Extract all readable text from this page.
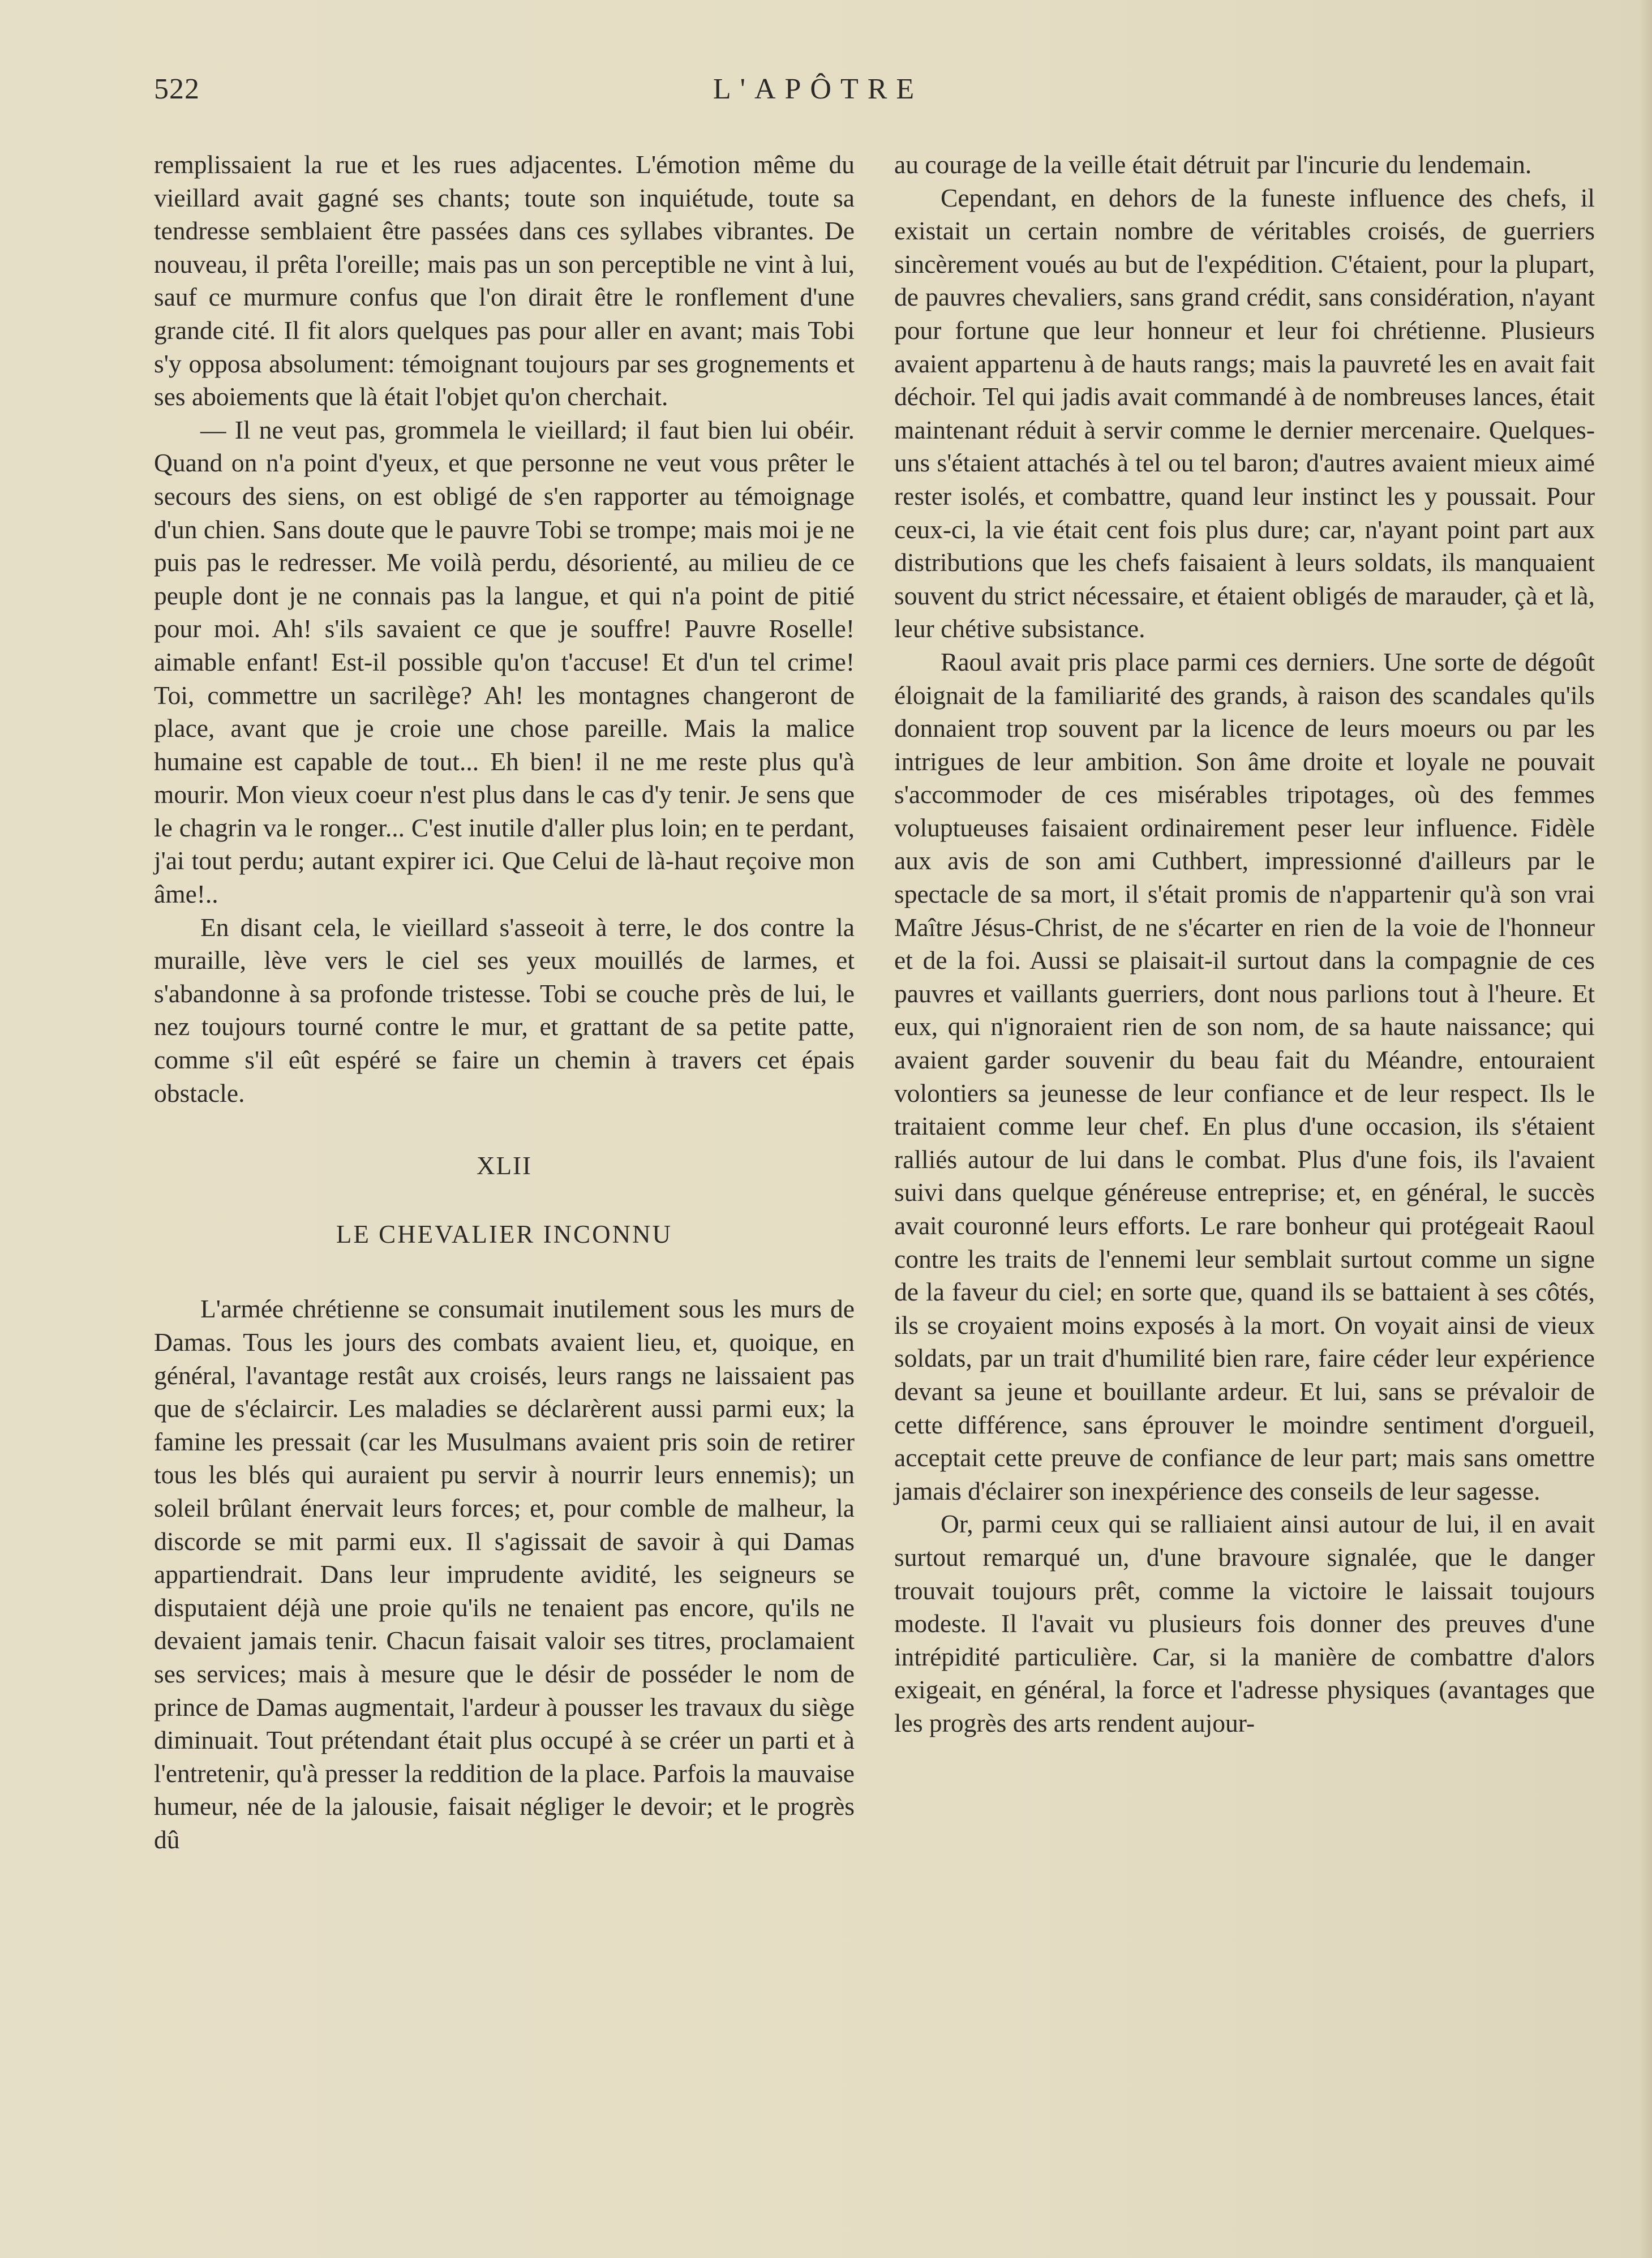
522	L'APÔTRE

remplissaient la rue et les rues adjacentes. L'émotion même du vieillard avait gagné ses chants; toute son inquiétude, toute sa tendresse semblaient être passées dans ces syllabes vibrantes. De nouveau, il prêta l'oreille; mais pas un son perceptible ne vint à lui, sauf ce murmure confus que l'on dirait être le ronflement d'une grande cité. Il fit alors quelques pas pour aller en avant; mais Tobi s'y opposa absolument: témoignant toujours par ses grognements et ses aboiements que là était l'objet qu'on cherchait.

— Il ne veut pas, grommela le vieillard; il faut bien lui obéir. Quand on n'a point d'yeux, et que personne ne veut vous prêter le secours des siens, on est obligé de s'en rapporter au témoignage d'un chien. Sans doute que le pauvre Tobi se trompe; mais moi je ne puis pas le redresser. Me voilà perdu, désorienté, au milieu de ce peuple dont je ne connais pas la langue, et qui n'a point de pitié pour moi. Ah! s'ils savaient ce que je souffre! Pauvre Roselle! aimable enfant! Est-il possible qu'on t'accuse! Et d'un tel crime! Toi, commettre un sacrilège? Ah! les montagnes changeront de place, avant que je croie une chose pareille. Mais la malice humaine est capable de tout... Eh bien! il ne me reste plus qu'à mourir. Mon vieux coeur n'est plus dans le cas d'y tenir. Je sens que le chagrin va le ronger... C'est inutile d'aller plus loin; en te perdant, j'ai tout perdu; autant expirer ici. Que Celui de là-haut reçoive mon âme!..

En disant cela, le vieillard s'asseoit à terre, le dos contre la muraille, lève vers le ciel ses yeux mouillés de larmes, et s'abandonne à sa profonde tristesse. Tobi se couche près de lui, le nez toujours tourné contre le mur, et grattant de sa petite patte, comme s'il eût espéré se faire un chemin à travers cet épais obstacle.

XLII
LE CHEVALIER INCONNU

L'armée chrétienne se consumait inutilement sous les murs de Damas. Tous les jours des combats avaient lieu, et, quoique, en général, l'avantage restât aux croisés, leurs rangs ne laissaient pas que de s'éclaircir. Les maladies se déclarèrent aussi parmi eux; la famine les pressait (car les Musulmans avaient pris soin de retirer tous les blés qui auraient pu servir à nourrir leurs ennemis); un soleil brûlant énervait leurs forces; et, pour comble de malheur, la discorde se mit parmi eux. Il s'agissait de savoir à qui Damas appartiendrait. Dans leur imprudente avidité, les seigneurs se disputaient déjà une proie qu'ils ne tenaient pas encore, qu'ils ne devaient jamais tenir. Chacun faisait valoir ses titres, proclamaient ses services; mais à mesure que le désir de posséder le nom de prince de Damas augmentait, l'ardeur à pousser les travaux du siège diminuait. Tout prétendant était plus occupé à se créer un parti et à l'entretenir, qu'à presser la reddition de la place. Parfois la mauvaise humeur, née de la jalousie, faisait négliger le devoir; et le progrès dû

au courage de la veille était détruit par l'incurie du lendemain.

Cependant, en dehors de la funeste influence des chefs, il existait un certain nombre de véritables croisés, de guerriers sincèrement voués au but de l'expédition. C'étaient, pour la plupart, de pauvres chevaliers, sans grand crédit, sans considération, n'ayant pour fortune que leur honneur et leur foi chrétienne. Plusieurs avaient appartenu à de hauts rangs; mais la pauvreté les en avait fait déchoir. Tel qui jadis avait commandé à de nombreuses lances, était maintenant réduit à servir comme le dernier mercenaire. Quelques-uns s'étaient attachés à tel ou tel baron; d'autres avaient mieux aimé rester isolés, et combattre, quand leur instinct les y poussait. Pour ceux-ci, la vie était cent fois plus dure; car, n'ayant point part aux distributions que les chefs faisaient à leurs soldats, ils manquaient souvent du strict nécessaire, et étaient obligés de marauder, çà et là, leur chétive subsistance.

Raoul avait pris place parmi ces derniers. Une sorte de dégoût éloignait de la familiarité des grands, à raison des scandales qu'ils donnaient trop souvent par la licence de leurs moeurs ou par les intrigues de leur ambition. Son âme droite et loyale ne pouvait s'accommoder de ces misérables tripotages, où des femmes voluptueuses faisaient ordinairement peser leur influence. Fidèle aux avis de son ami Cuthbert, impressionné d'ailleurs par le spectacle de sa mort, il s'était promis de n'appartenir qu'à son vrai Maître Jésus-Christ, de ne s'écarter en rien de la voie de l'honneur et de la foi. Aussi se plaisait-il surtout dans la compagnie de ces pauvres et vaillants guerriers, dont nous parlions tout à l'heure. Et eux, qui n'ignoraient rien de son nom, de sa haute naissance; qui avaient garder souvenir du beau fait du Méandre, entouraient volontiers sa jeunesse de leur confiance et de leur respect. Ils le traitaient comme leur chef. En plus d'une occasion, ils s'étaient ralliés autour de lui dans le combat. Plus d'une fois, ils l'avaient suivi dans quelque généreuse entreprise; et, en général, le succès avait couronné leurs efforts. Le rare bonheur qui protégeait Raoul contre les traits de l'ennemi leur semblait surtout comme un signe de la faveur du ciel; en sorte que, quand ils se battaient à ses côtés, ils se croyaient moins exposés à la mort. On voyait ainsi de vieux soldats, par un trait d'humilité bien rare, faire céder leur expérience devant sa jeune et bouillante ardeur. Et lui, sans se prévaloir de cette différence, sans éprouver le moindre sentiment d'orgueil, acceptait cette preuve de confiance de leur part; mais sans omettre jamais d'éclairer son inexpérience des conseils de leur sagesse.

Or, parmi ceux qui se ralliaient ainsi autour de lui, il en avait surtout remarqué un, d'une bravoure signalée, que le danger trouvait toujours prêt, comme la victoire le laissait toujours modeste. Il l'avait vu plusieurs fois donner des preuves d'une intrépidité particulière. Car, si la manière de combattre d'alors exigeait, en général, la force et l'adresse physiques (avantages que les progrès des arts rendent aujour-
